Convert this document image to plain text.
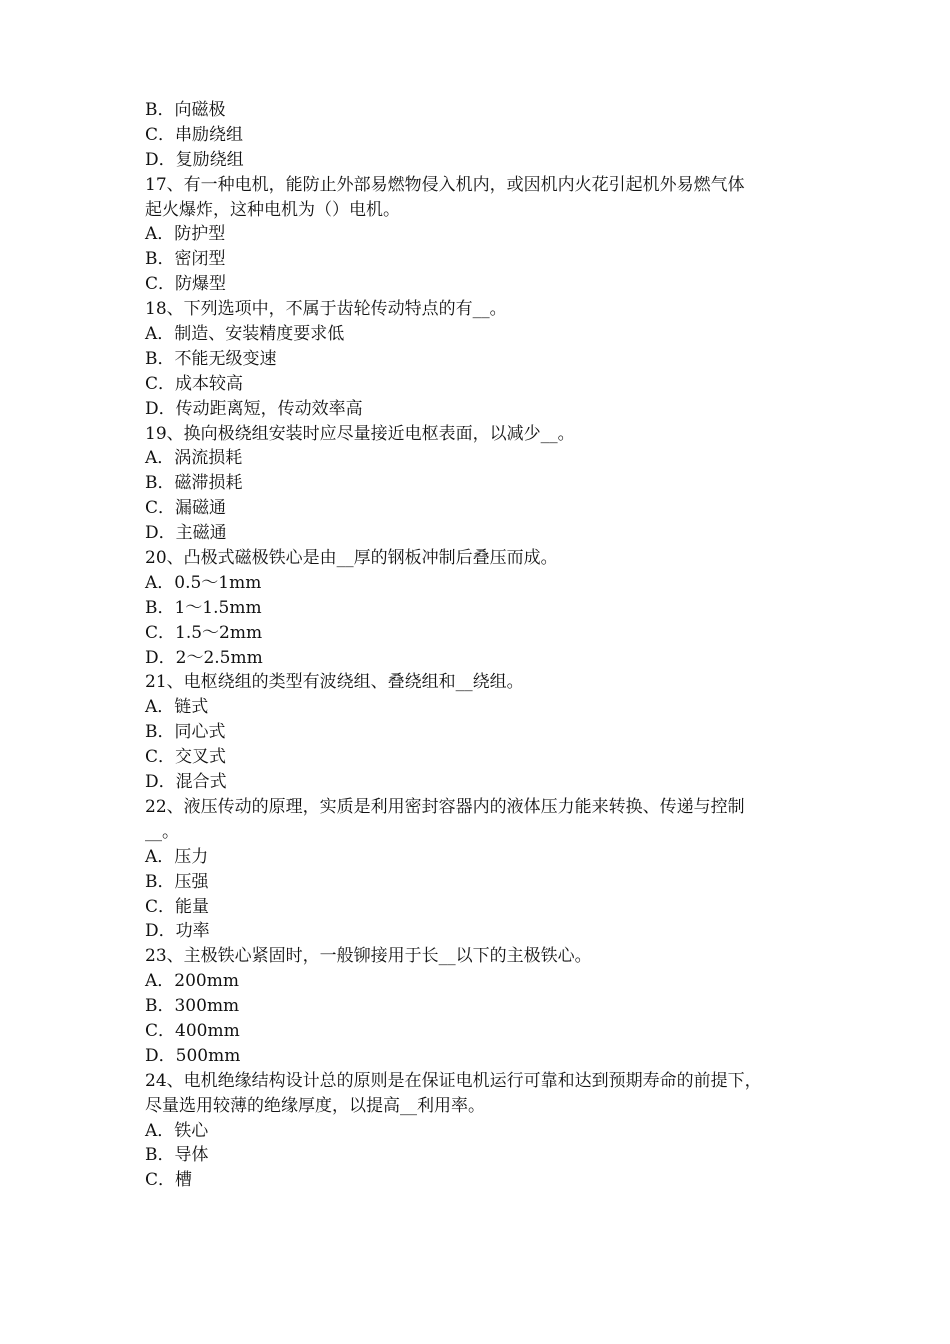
B．向磁极
C．串励绕组
D．复励绕组
17、有一种电机，能防止外部易燃物侵入机内，或因机内火花引起机外易燃气体
起火爆炸，这种电机为（）电机。
A．防护型
B．密闭型
C．防爆型
18、下列选项中，不属于齿轮传动特点的有__。
A．制造、安装精度要求低
B．不能无级变速
C．成本较高
D．传动距离短，传动效率高
19、换向极绕组安装时应尽量接近电枢表面，以减少__。
A．涡流损耗
B．磁滞损耗
C．漏磁通
D．主磁通
20、凸极式磁极铁心是由__厚的钢板冲制后叠压而成。
A．0.5～1mm
B．1～1.5mm
C．1.5～2mm
D．2～2.5mm
21、电枢绕组的类型有波绕组、叠绕组和__绕组。
A．链式
B．同心式
C．交叉式
D．混合式
22、液压传动的原理，实质是利用密封容器内的液体压力能来转换、传递与控制
__。
A．压力
B．压强
C．能量
D．功率
23、主极铁心紧固时，一般铆接用于长__以下的主极铁心。
A．200mm
B．300mm
C．400mm
D．500mm
24、电机绝缘结构设计总的原则是在保证电机运行可靠和达到预期寿命的前提下，
尽量选用较薄的绝缘厚度，以提高__利用率。
A．铁心
B．导体
C．槽
